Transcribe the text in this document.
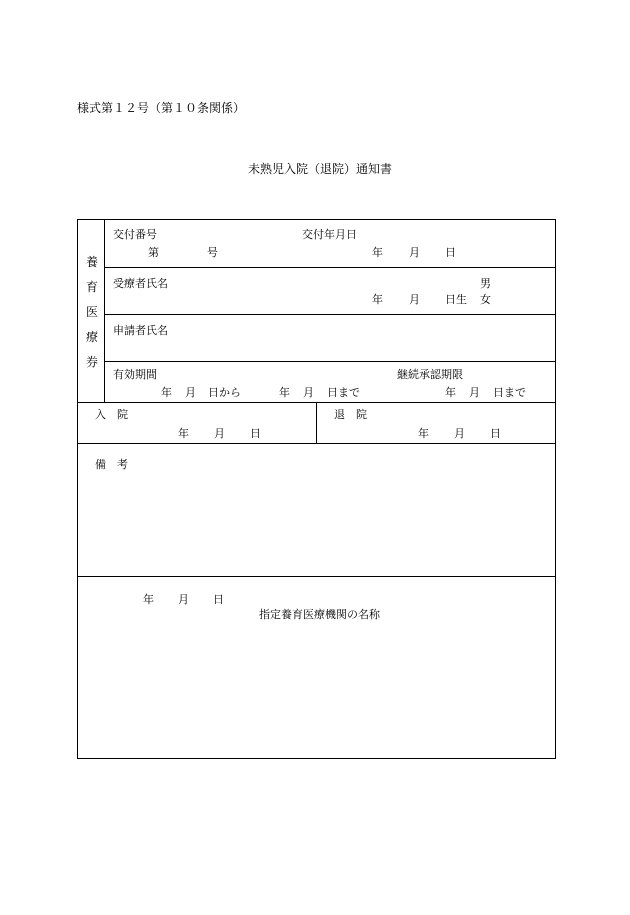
様式第１２号（第１０条関係）
未熟児入院（退院）通知書
養
育
医
療
券
交付番号
第	号
交付年月日
年 月 日
受療者氏名	男
年 月 日生 女
申請者氏名
有効期間
年 月 日から	年 月 日まで
継続承認期限
年 月 日まで
入　院
年 月 日
退　院
年 月 日
備　考
年 月 日
指定養育医療機関の名称
